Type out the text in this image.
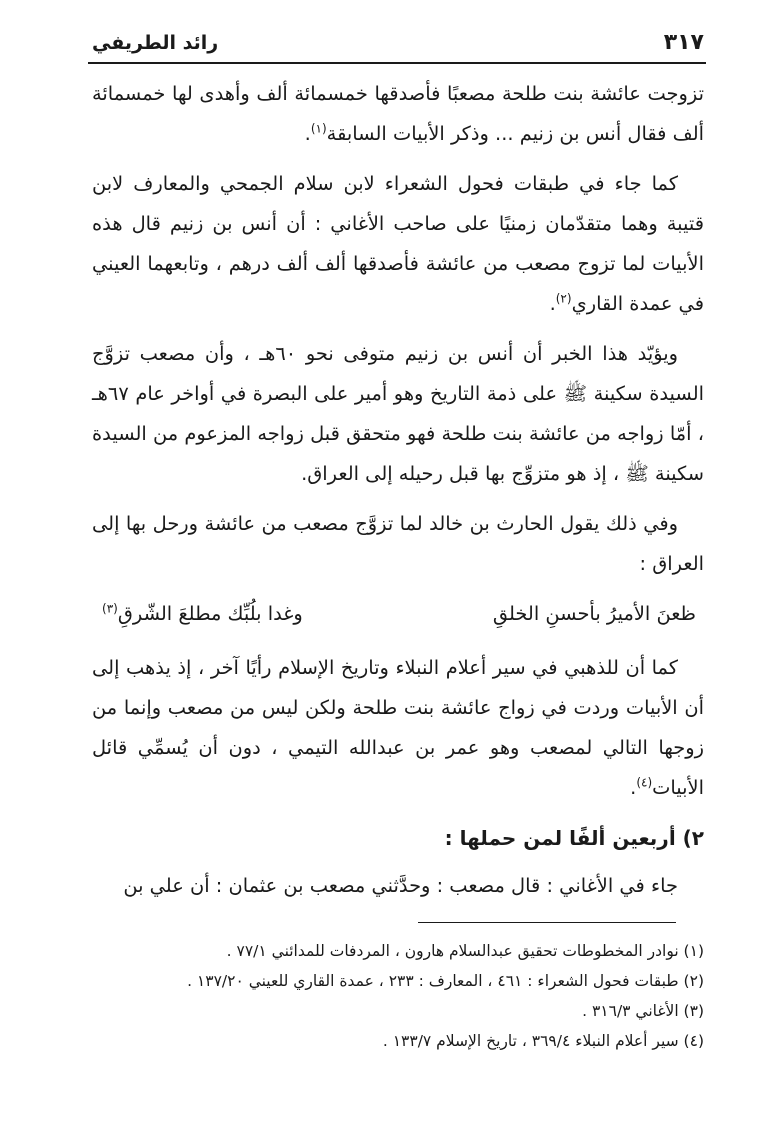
٣١٧
رائد الطريفي

تزوجت عائشة بنت طلحة مصعبًا فأصدقها خمسمائة ألف وأهدى لها خمسمائة ألف فقال أنس بن زنيم ... وذكر الأبيات السابقة$^{(١)}$.

كما جاء في طبقات فحول الشعراء لابن سلام الجمحي والمعارف لابن قتيبة وهما متقدّمان زمنيًا على صاحب الأغاني : أن أنس بن زنيم قال هذه الأبيات لما تزوج مصعب من عائشة فأصدقها ألف ألف درهم ، وتابعهما العيني في عمدة القاري$^{(٢)}$.

ويؤيّد هذا الخبر أن أنس بن زنيم متوفى نحو ٦٠هـ ، وأن مصعب تزوَّج السيدة سكينة ﷺ على ذمة التاريخ وهو أمير على البصرة في أواخر عام ٦٧هـ ، أمّا زواجه من عائشة بنت طلحة فهو متحقق قبل زواجه المزعوم من السيدة سكينة ﷺ ، إذ هو متزوِّج بها قبل رحيله إلى العراق.

وفي ذلك يقول الحارث بن خالد لما تزوَّج مصعب من عائشة ورحل بها إلى العراق :

ظعنَ الأميرُ بأحسنِ الخلقِ
وغدا بلُبِّك مطلعَ الشّرقِ$^{(٣)}$

كما أن للذهبي في سير أعلام النبلاء وتاريخ الإسلام رأيًا آخر ، إذ يذهب إلى أن الأبيات وردت في زواج عائشة بنت طلحة ولكن ليس من مصعب وإنما من زوجها التالي لمصعب وهو عمر بن عبدالله التيمي ، دون أن يُسمِّي قائل الأبيات$^{(٤)}$.

٢) أربعين ألفًا لمن حملها :

جاء في الأغاني : قال مصعب : وحدَّثني مصعب بن عثمان : أن علي بن

(١) نوادر المخطوطات تحقيق عبدالسلام هارون ، المردفات للمدائني ٧٧/١ .

(٢) طبقات فحول الشعراء : ٤٦١ ، المعارف : ٢٣٣ ، عمدة القاري للعيني ١٣٧/٢٠ .

(٣) الأغاني ٣١٦/٣ .

(٤) سير أعلام النبلاء ٣٦٩/٤ ، تاريخ الإسلام ١٣٣/٧ .
